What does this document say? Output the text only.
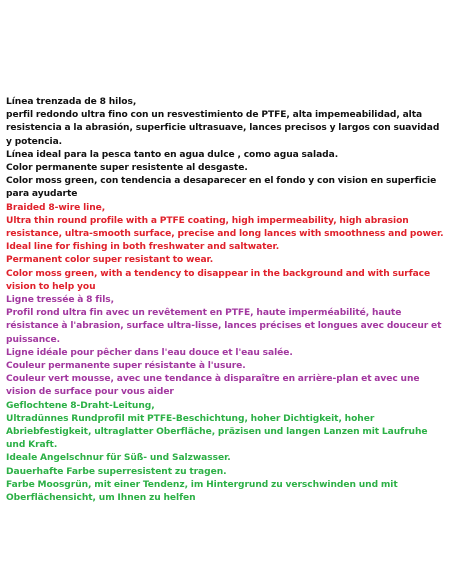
Línea trenzada de 8 hilos,
perfil redondo ultra fino con un resvestimiento de PTFE, alta impemeabilidad, alta resistencia a la abrasión, superficie ultrasuave, lances precisos y largos con suavidad y potencia.
Línea ideal para la pesca tanto en agua dulce , como agua salada.
Color permanente super resistente al desgaste.
Color moss green, con tendencia a desaparecer en el fondo y con vision en superficie para ayudarte
Braided 8-wire line,
Ultra thin round profile with a PTFE coating, high impermeability, high abrasion resistance, ultra-smooth surface, precise and long lances with smoothness and power.
Ideal line for fishing in both freshwater and saltwater.
Permanent color super resistant to wear.
Color moss green, with a tendency to disappear in the background and with surface vision to help you
Ligne tressée à 8 fils,
Profil rond ultra fin avec un revêtement en PTFE, haute imperméabilité, haute résistance à l'abrasion, surface ultra-lisse, lances précises et longues avec douceur et puissance.
Ligne idéale pour pêcher dans l'eau douce et l'eau salée.
Couleur permanente super résistante à l'usure.
Couleur vert mousse, avec une tendance à disparaître en arrière-plan et avec une vision de surface pour vous aider
Geflochtene 8-Draht-Leitung,
Ultradünnes Rundprofil mit PTFE-Beschichtung, hoher Dichtigkeit, hoher Abriebfestigkeit, ultraglatter Oberfläche, präzisen und langen Lanzen mit Laufruhe und Kraft.
Ideale Angelschnur für Süß- und Salzwasser.
Dauerhafte Farbe superresistent zu tragen.
Farbe Moosgrün, mit einer Tendenz, im Hintergrund zu verschwinden und mit Oberflächensicht, um Ihnen zu helfen
